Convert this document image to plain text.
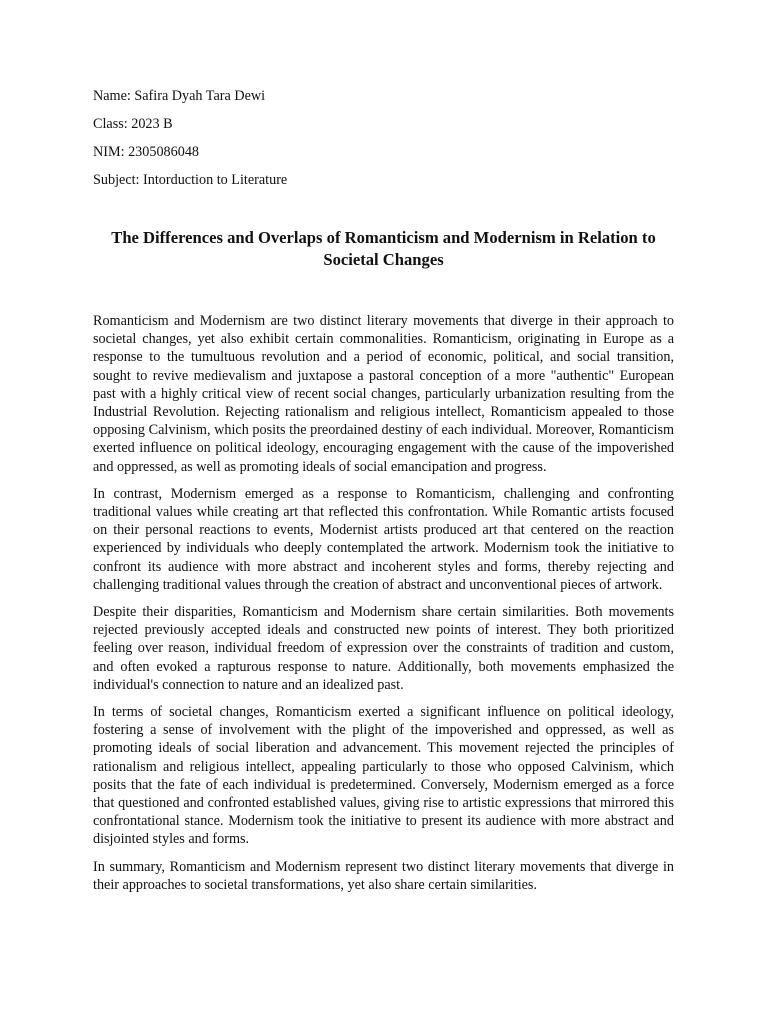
Name: Safira Dyah Tara Dewi

Class: 2023 B

NIM: 2305086048

Subject: Intorduction to Literature

The Differences and Overlaps of Romanticism and Modernism in Relation to Societal Changes

Romanticism and Modernism are two distinct literary movements that diverge in their approach to societal changes, yet also exhibit certain commonalities. Romanticism, originating in Europe as a response to the tumultuous revolution and a period of economic, political, and social transition, sought to revive medievalism and juxtapose a pastoral conception of a more "authentic" European past with a highly critical view of recent social changes, particularly urbanization resulting from the Industrial Revolution. Rejecting rationalism and religious intellect, Romanticism appealed to those opposing Calvinism, which posits the preordained destiny of each individual. Moreover, Romanticism exerted influence on political ideology, encouraging engagement with the cause of the impoverished and oppressed, as well as promoting ideals of social emancipation and progress.

In contrast, Modernism emerged as a response to Romanticism, challenging and confronting traditional values while creating art that reflected this confrontation. While Romantic artists focused on their personal reactions to events, Modernist artists produced art that centered on the reaction experienced by individuals who deeply contemplated the artwork. Modernism took the initiative to confront its audience with more abstract and incoherent styles and forms, thereby rejecting and challenging traditional values through the creation of abstract and unconventional pieces of artwork.

Despite their disparities, Romanticism and Modernism share certain similarities. Both movements rejected previously accepted ideals and constructed new points of interest. They both prioritized feeling over reason, individual freedom of expression over the constraints of tradition and custom, and often evoked a rapturous response to nature. Additionally, both movements emphasized the individual's connection to nature and an idealized past.

In terms of societal changes, Romanticism exerted a significant influence on political ideology, fostering a sense of involvement with the plight of the impoverished and oppressed, as well as promoting ideals of social liberation and advancement. This movement rejected the principles of rationalism and religious intellect, appealing particularly to those who opposed Calvinism, which posits that the fate of each individual is predetermined. Conversely, Modernism emerged as a force that questioned and confronted established values, giving rise to artistic expressions that mirrored this confrontational stance. Modernism took the initiative to present its audience with more abstract and disjointed styles and forms.

In summary, Romanticism and Modernism represent two distinct literary movements that diverge in their approaches to societal transformations, yet also share certain similarities.
